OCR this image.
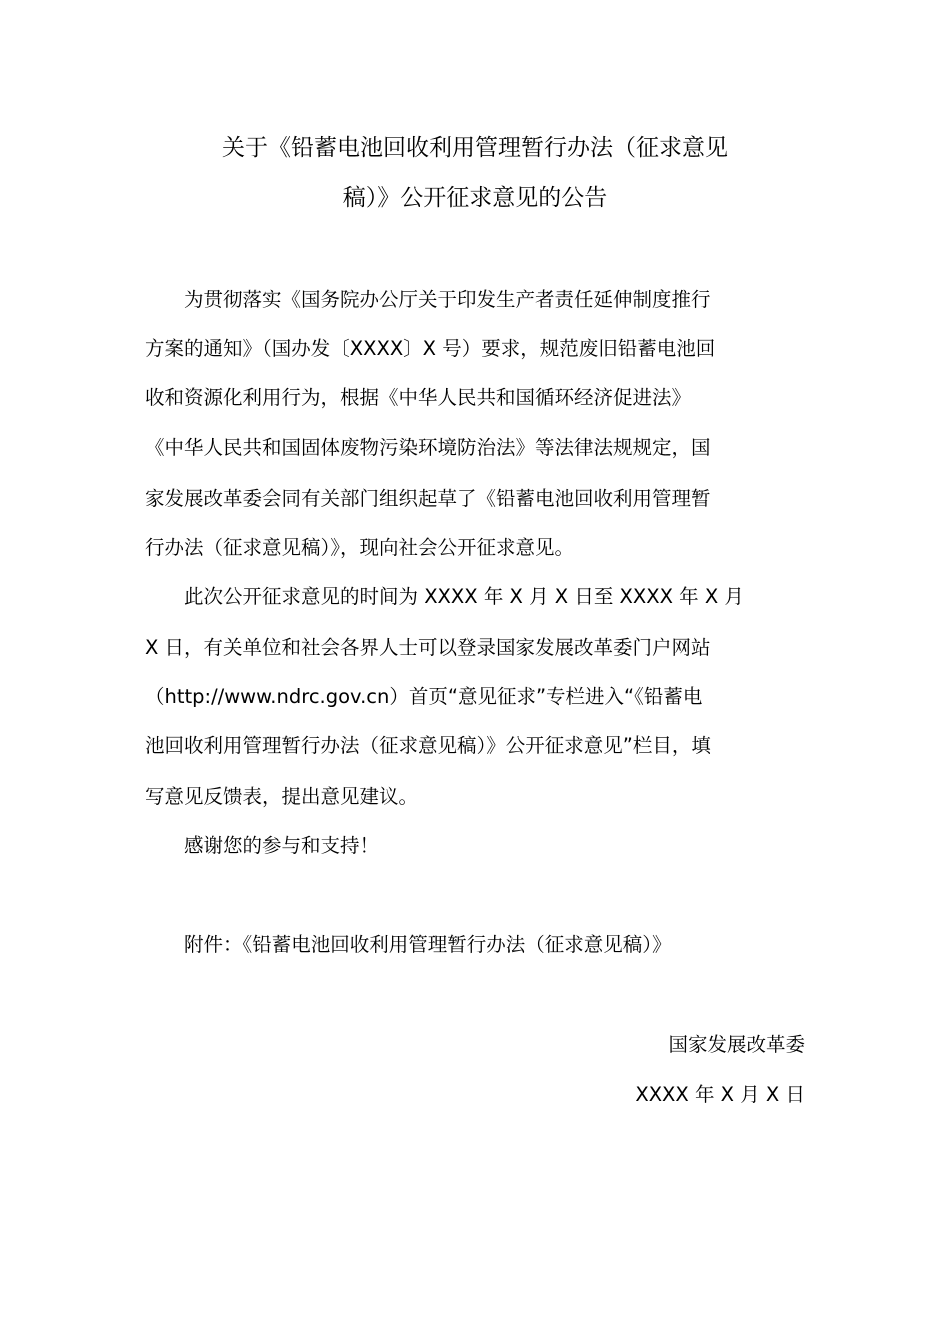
关于《铅蓄电池回收利用管理暂行办法（征求意见
稿）》公开征求意见的公告
　　为贯彻落实《国务院办公厅关于印发生产者责任延伸制度推行
方案的通知》（国办发〔XXXX〕X 号）要求，规范废旧铅蓄电池回
收和资源化利用行为，根据《中华人民共和国循环经济促进法》
《中华人民共和国固体废物污染环境防治法》等法律法规规定，国
家发展改革委会同有关部门组织起草了《铅蓄电池回收利用管理暂
行办法（征求意见稿）》，现向社会公开征求意见。
　　此次公开征求意见的时间为 XXXX 年 X 月 X 日至 XXXX 年 X 月
X 日，有关单位和社会各界人士可以登录国家发展改革委门户网站
（http://www.ndrc.gov.cn）首页“意见征求”专栏进入“《铅蓄电
池回收利用管理暂行办法（征求意见稿）》公开征求意见”栏目，填
写意见反馈表，提出意见建议。
　　感谢您的参与和支持！
　　附件：《铅蓄电池回收利用管理暂行办法（征求意见稿）》
国家发展改革委
XXXX 年 X 月 X 日
